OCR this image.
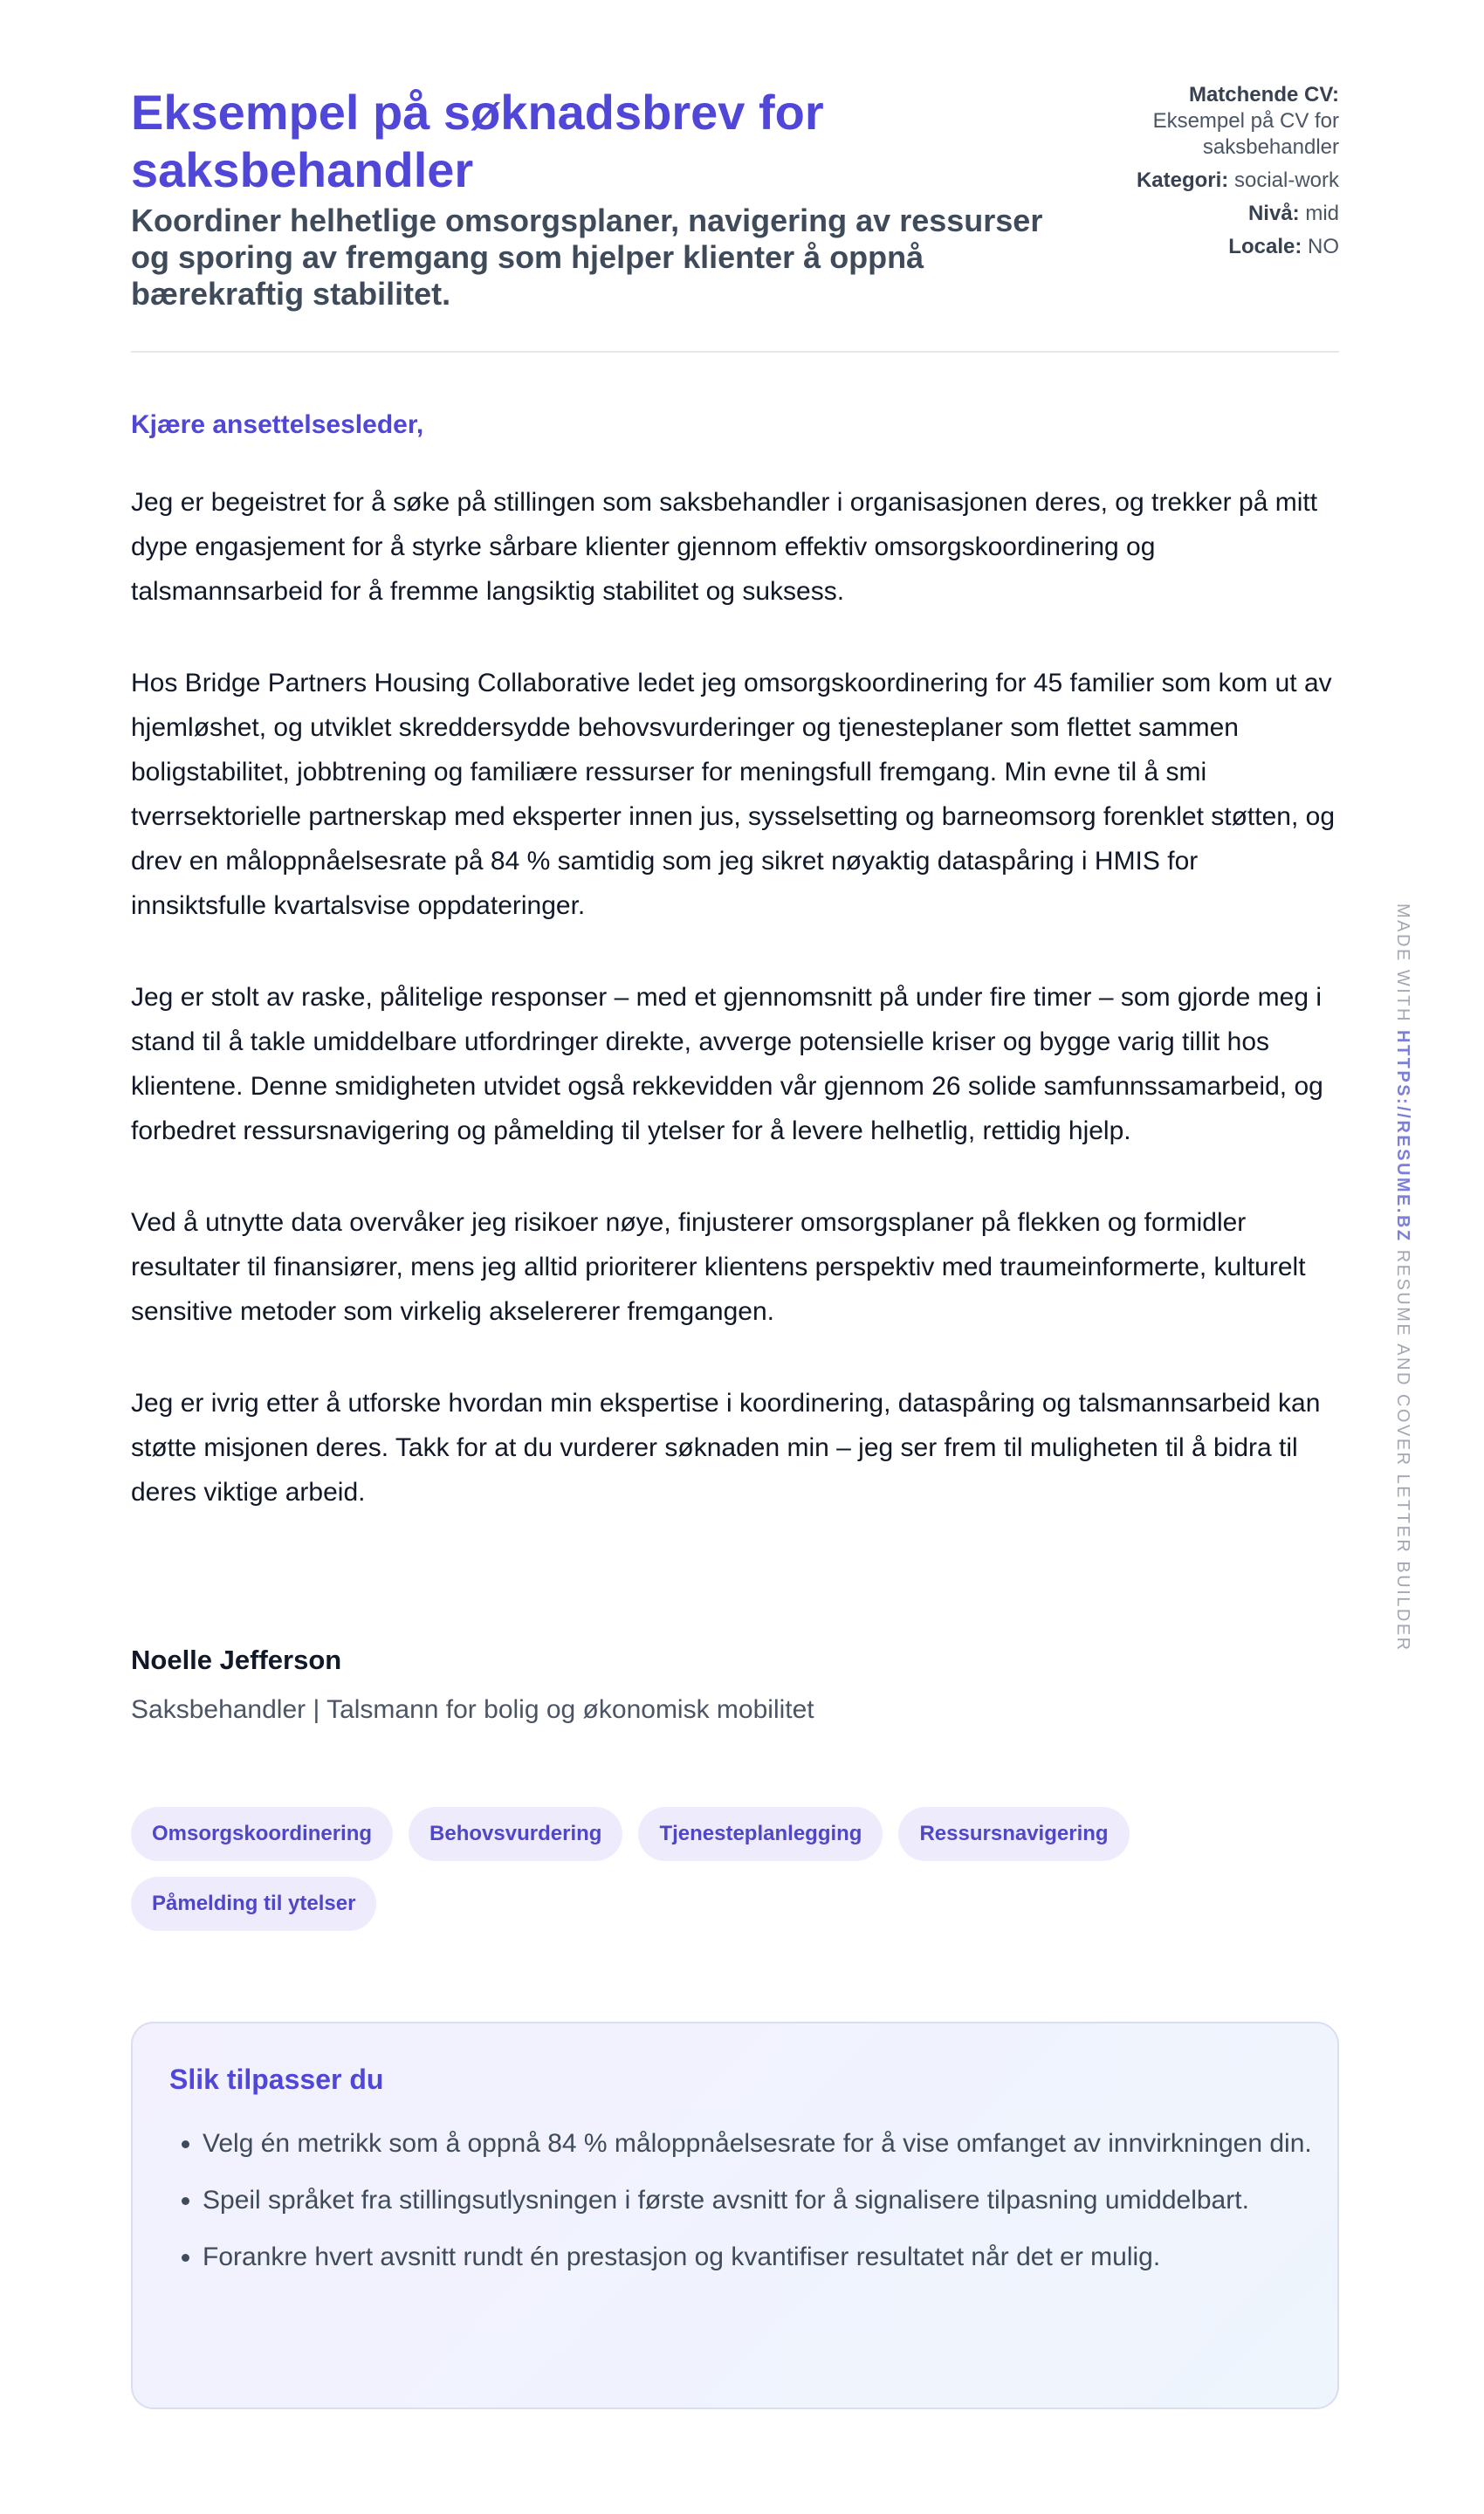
Eksempel på søknadsbrev for saksbehandler
Koordiner helhetlige omsorgsplaner, navigering av ressurser og sporing av fremgang som hjelper klienter å oppnå bærekraftig stabilitet.
Matchende CV:
Eksempel på CV for saksbehandler
Kategori: social-work
Nivå: mid
Locale: NO
Kjære ansettelsesleder,

Jeg er begeistret for å søke på stillingen som saksbehandler i organisasjonen deres, og trekker på mitt dype engasjement for å styrke sårbare klienter gjennom effektiv omsorgskoordinering og talsmannsarbeid for å fremme langsiktig stabilitet og suksess.

Hos Bridge Partners Housing Collaborative ledet jeg omsorgskoordinering for 45 familier som kom ut av hjemløshet, og utviklet skreddersydde behovsvurderinger og tjenesteplaner som flettet sammen boligstabilitet, jobbtrening og familiære ressurser for meningsfull fremgang. Min evne til å smi tverrsektorielle partnerskap med eksperter innen jus, sysselsetting og barneomsorg forenklet støtten, og drev en måloppnåelsesrate på 84 % samtidig som jeg sikret nøyaktig dataspåring i HMIS for innsiktsfulle kvartalsvise oppdateringer.

Jeg er stolt av raske, pålitelige responser – med et gjennomsnitt på under fire timer – som gjorde meg i stand til å takle umiddelbare utfordringer direkte, avverge potensielle kriser og bygge varig tillit hos klientene. Denne smidigheten utvidet også rekkevidden vår gjennom 26 solide samfunnssamarbeid, og forbedret ressursnavigering og påmelding til ytelser for å levere helhetlig, rettidig hjelp.

Ved å utnytte data overvåker jeg risikoer nøye, finjusterer omsorgsplaner på flekken og formidler resultater til finansiører, mens jeg alltid prioriterer klientens perspektiv med traumeinformerte, kulturelt sensitive metoder som virkelig akselererer fremgangen.

Jeg er ivrig etter å utforske hvordan min ekspertise i koordinering, dataspåring og talsmannsarbeid kan støtte misjonen deres. Takk for at du vurderer søknaden min – jeg ser frem til muligheten til å bidra til deres viktige arbeid.

Noelle Jefferson
Saksbehandler | Talsmann for bolig og økonomisk mobilitet
Omsorgskoordinering	Behovsvurdering	Tjenesteplanlegging	Ressursnavigering
Påmelding til ytelser
Slik tilpasser du
• Velg én metrikk som å oppnå 84 % måloppnåelsesrate for å vise omfanget av innvirkningen din.
• Speil språket fra stillingsutlysningen i første avsnitt for å signalisere tilpasning umiddelbart.
• Forankre hvert avsnitt rundt én prestasjon og kvantifiser resultatet når det er mulig.
MADE WITH HTTPS://RESUME.BZ RESUME AND COVER LETTER BUILDER
